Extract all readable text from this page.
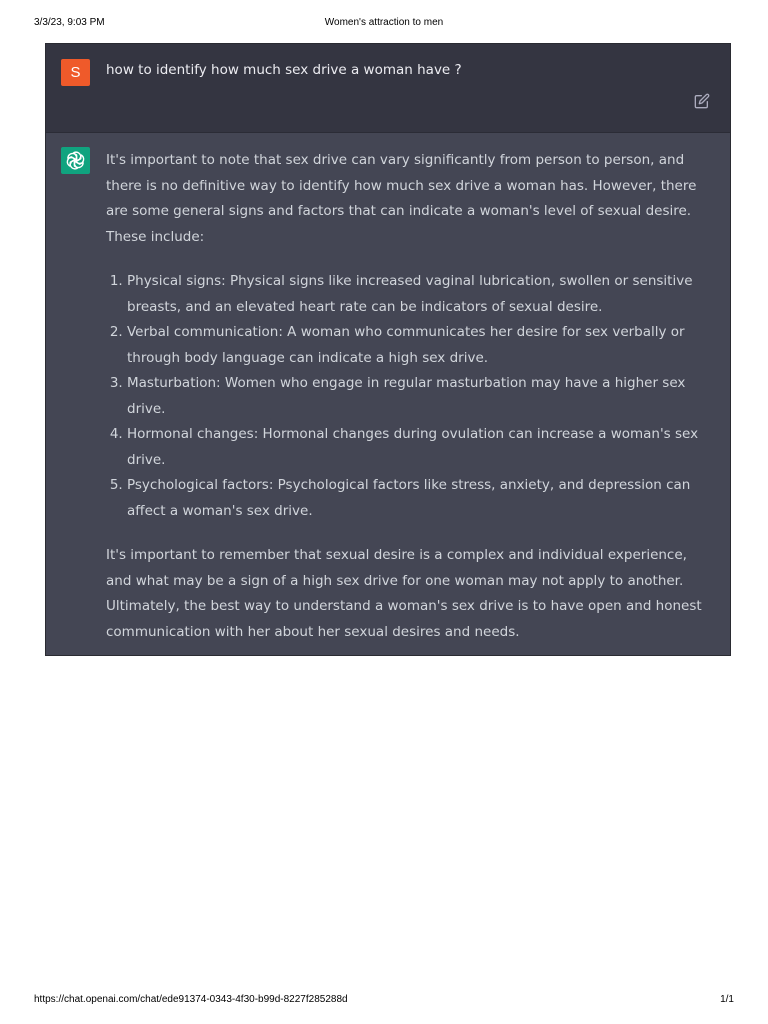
3/3/23, 9:03 PM	Women's attraction to men
S	how to identify how much sex drive a woman have ?

It's important to note that sex drive can vary significantly from person to person, and there is no definitive way to identify how much sex drive a woman has. However, there are some general signs and factors that can indicate a woman's level of sexual desire. These include:

1. Physical signs: Physical signs like increased vaginal lubrication, swollen or sensitive breasts, and an elevated heart rate can be indicators of sexual desire.
2. Verbal communication: A woman who communicates her desire for sex verbally or through body language can indicate a high sex drive.
3. Masturbation: Women who engage in regular masturbation may have a higher sex drive.
4. Hormonal changes: Hormonal changes during ovulation can increase a woman's sex drive.
5. Psychological factors: Psychological factors like stress, anxiety, and depression can affect a woman's sex drive.

It's important to remember that sexual desire is a complex and individual experience, and what may be a sign of a high sex drive for one woman may not apply to another. Ultimately, the best way to understand a woman's sex drive is to have open and honest communication with her about her sexual desires and needs.

https://chat.openai.com/chat/ede91374-0343-4f30-b99d-8227f285288d	1/1
